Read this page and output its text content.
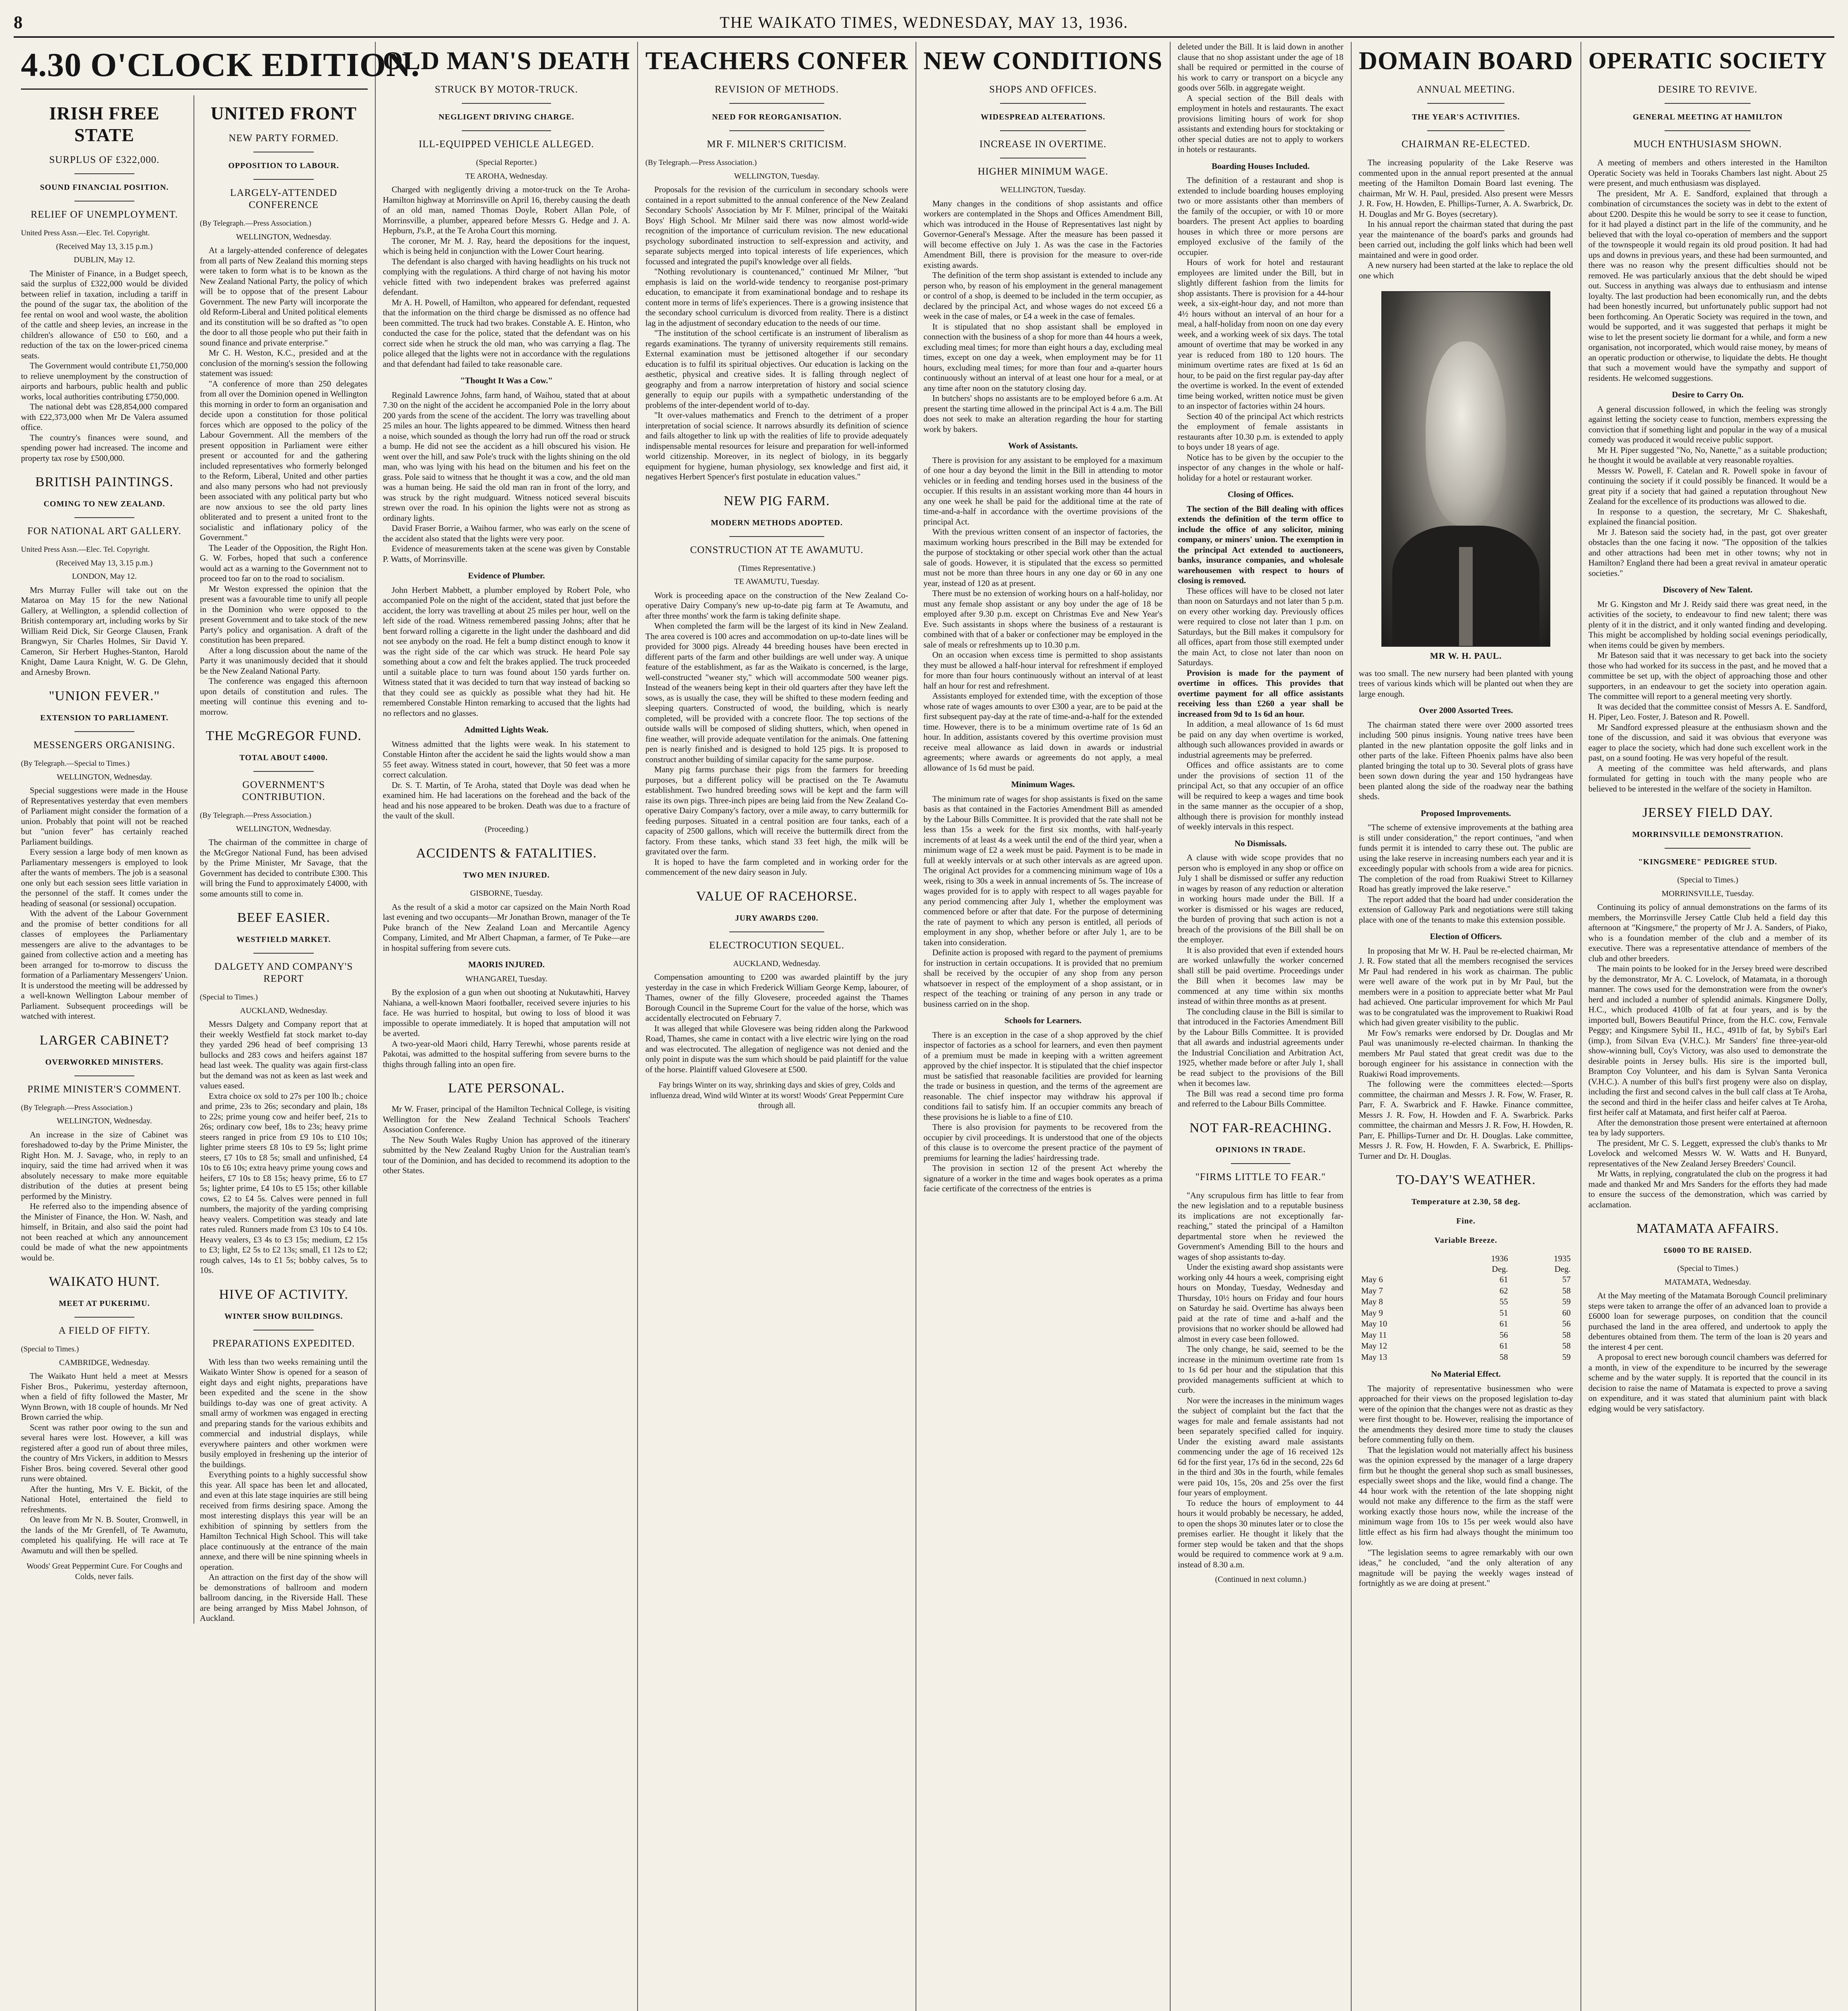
8	THE WAIKATO TIMES, WEDNESDAY, MAY 13, 1936.
4.30 O'CLOCK EDITION.
IRISH FREE STATE
SURPLUS OF £322,000.
SOUND FINANCIAL POSITION.
RELIEF OF UNEMPLOYMENT.
United Press Assn.—Elec. Tel. Copyright.
(Received May 13, 3.15 p.m.)
DUBLIN, May 12.

The Minister of Finance, in a Budget speech, said the surplus of £322,000 would be divided between relief in taxation, including a tariff in the pound of the sugar tax, the abolition of the fee rental on wool and wool waste, the abolition of the cattle and sheep levies, an increase in the children's allowance of £50 to £60, and a reduction of the tax on the lower-priced cinema seats.

The Government would contribute £1,750,000 to relieve unemployment by the construction of airports and harbours, public health and public works, local authorities contributing £750,000.

The national debt was £28,854,000 compared with £22,373,000 when Mr De Valera assumed office.

The country's finances were sound, and spending power had increased. The income and property tax rose by £500,000.

BRITISH PAINTINGS.
COMING TO NEW ZEALAND.
FOR NATIONAL ART GALLERY.
United Press Assn.—Elec. Tel. Copyright.
(Received May 13, 3.15 p.m.)
LONDON, May 12.

Mrs Murray Fuller will take out on the Mataroa on May 15 for the new National Gallery, at Wellington, a splendid collection of British contemporary art, including works by Sir William Reid Dick, Sir George Clausen, Frank Brangwyn, Sir Charles Holmes, Sir David Y. Cameron, Sir Herbert Hughes-Stanton, Harold Knight, Dame Laura Knight, W. G. De Glehn, and Arnesby Brown.

"UNION FEVER."
EXTENSION TO PARLIAMENT.
MESSENGERS ORGANISING.
(By Telegraph.—Special to Times.)
WELLINGTON, Wednesday.

Special suggestions were made in the House of Representatives yesterday that even members of Parliament might consider the formation of a union. Probably that point will not be reached but "union fever" has certainly reached Parliament buildings.

Every session a large body of men known as Parliamentary messengers is employed to look after the wants of members. The job is a seasonal one only but each session sees little variation in the personnel of the staff. It comes under the heading of seasonal (or sessional) occupation.

With the advent of the Labour Government and the promise of better conditions for all classes of employees the Parliamentary messengers are alive to the advantages to be gained from collective action and a meeting has been arranged for to-morrow to discuss the formation of a Parliamentary Messengers' Union. It is understood the meeting will be addressed by a well-known Wellington Labour member of Parliament. Subsequent proceedings will be watched with interest.

LARGER CABINET?
OVERWORKED MINISTERS.
PRIME MINISTER'S COMMENT.
(By Telegraph.—Press Association.)
WELLINGTON, Wednesday.

An increase in the size of Cabinet was foreshadowed to-day by the Prime Minister, the Right Hon. M. J. Savage, who, in reply to an inquiry, said the time had arrived when it was absolutely necessary to make more equitable distribution of the duties at present being performed by the Ministry.

He referred also to the impending absence of the Minister of Finance, the Hon. W. Nash, and himself, in Britain, and also said the point had not been reached at which any announcement could be made of what the new appointments would be.

WAIKATO HUNT.
MEET AT PUKERIMU.
A FIELD OF FIFTY.
(Special to Times.)
CAMBRIDGE, Wednesday.

The Waikato Hunt held a meet at Messrs Fisher Bros., Pukerimu, yesterday afternoon, when a field of fifty followed the Master, Mr Wynn Brown, with 18 couple of hounds. Mr Ned Brown carried the whip.

Scent was rather poor owing to the sun and several hares were lost. However, a kill was registered after a good run of about three miles, the country of Mrs Vickers, in addition to Messrs Fisher Bros. being covered. Several other good runs were obtained.

After the hunting, Mrs V. E. Bickit, of the National Hotel, entertained the field to refreshments.

On leave from Mr N. B. Souter, Cromwell, in the lands of the Mr Grenfell, of Te Awamutu, completed his qualifying. He will race at Te Awamutu and will then be spelled.

Woods' Great Peppermint Cure. For Coughs and Colds, never fails.
UNITED FRONT
NEW PARTY FORMED.
OPPOSITION TO LABOUR.
LARGELY-ATTENDED CONFERENCE
(By Telegraph.—Press Association.)
WELLINGTON, Wednesday.

At a largely-attended conference of delegates from all parts of New Zealand this morning steps were taken to form what is to be known as the New Zealand National Party, the policy of which will be to oppose that of the present Labour Government. The new Party will incorporate the old Reform-Liberal and United political elements and its constitution will be so drafted as "to open the door to all those people who put their faith in sound finance and private enterprise."

Mr C. H. Weston, K.C., presided and at the conclusion of the morning's session the following statement was issued:

"A conference of more than 250 delegates from all over the Dominion opened in Wellington this morning in order to form an organisation and decide upon a constitution for those political forces which are opposed to the policy of the Labour Government. All the members of the present opposition in Parliament were either present or accounted for and the gathering included representatives who formerly belonged to the Reform, Liberal, United and other parties and also many persons who had not previously been associated with any political party but who are now anxious to see the old party lines obliterated and to present a united front to the socialistic and inflationary policy of the Government."

The Leader of the Opposition, the Right Hon. G. W. Forbes, hoped that such a conference would act as a warning to the Government not to proceed too far on to the road to socialism.

Mr Weston expressed the opinion that the present was a favourable time to unify all people in the Dominion who were opposed to the present Government and to take stock of the new Party's policy and organisation. A draft of the constitution has been prepared.

After a long discussion about the name of the Party it was unanimously decided that it should be the New Zealand National Party.

The conference was engaged this afternoon upon details of constitution and rules. The meeting will continue this evening and to-morrow.

THE McGREGOR FUND.
TOTAL ABOUT £4000.
GOVERNMENT'S CONTRIBUTION.
(By Telegraph.—Press Association.)
WELLINGTON, Wednesday.

The chairman of the committee in charge of the McGregor National Fund, has been advised by the Prime Minister, Mr Savage, that the Government has decided to contribute £300. This will bring the Fund to approximately £4000, with some amounts still to come in.

BEEF EASIER.
WESTFIELD MARKET.
DALGETY AND COMPANY'S REPORT
(Special to Times.)
AUCKLAND, Wednesday.

Messrs Dalgety and Company report that at their weekly Westfield fat stock market to-day they yarded 296 head of beef comprising 13 bullocks and 283 cows and heifers against 187 head last week. The quality was again first-class but the demand was not as keen as last week and values eased.

Extra choice ox sold to 27s per 100 lb.; choice and prime, 23s to 26s; secondary and plain, 18s to 22s; prime young cow and heifer beef, 21s to 26s; ordinary cow beef, 18s to 23s; heavy prime steers ranged in price from £9 10s to £10 10s; lighter prime steers £8 10s to £9 5s; light prime steers, £7 10s to £8 5s; small and unfinished, £4 10s to £6 10s; extra heavy prime young cows and heifers, £7 10s to £8 15s; heavy prime, £6 to £7 5s; lighter prime, £4 10s to £5 15s; other killable cows, £2 to £4 5s. Calves were penned in full numbers, the majority of the yarding comprising heavy vealers. Competition was steady and late rates ruled. Runners made from £3 10s to £4 10s. Heavy vealers, £3 4s to £3 15s; medium, £2 15s to £3; light, £2 5s to £2 13s; small, £1 12s to £2; rough calves, 14s to £1 5s; bobby calves, 5s to 10s.

HIVE OF ACTIVITY.
WINTER SHOW BUILDINGS.
PREPARATIONS EXPEDITED.

With less than two weeks remaining until the Waikato Winter Show is opened for a season of eight days and eight nights, preparations have been expedited and the scene in the show buildings to-day was one of great activity. A small army of workmen was engaged in erecting and preparing stands for the various exhibits and commercial and industrial displays, while everywhere painters and other workmen were busily employed in freshening up the interior of the buildings.

Everything points to a highly successful show this year. All space has been let and allocated, and even at this late stage inquiries are still being received from firms desiring space. Among the most interesting displays this year will be an exhibition of spinning by settlers from the Hamilton Technical High School. This will take place continuously at the entrance of the main annexe, and there will be nine spinning wheels in operation.

An attraction on the first day of the show will be demonstrations of ballroom and modern ballroom dancing, in the Riverside Hall. These are being arranged by Miss Mabel Johnson, of Auckland.

OLD MAN'S DEATH
STRUCK BY MOTOR-TRUCK.
NEGLIGENT DRIVING CHARGE.
ILL-EQUIPPED VEHICLE ALLEGED.
(Special Reporter.)
TE AROHA, Wednesday.

Charged with negligently driving a motor-truck on the Te Aroha-Hamilton highway at Morrinsville on April 16, thereby causing the death of an old man, named Thomas Doyle, Robert Allan Pole, of Morrinsville, a plumber, appeared before Messrs G. Hedge and J. A. Hepburn, J's.P., at the Te Aroha Court this morning.

The coroner, Mr M. J. Ray, heard the depositions for the inquest, which is being held in conjunction with the Lower Court hearing.

The defendant is also charged with having headlights on his truck not complying with the regulations. A third charge of not having his motor vehicle fitted with two independent brakes was preferred against defendant.

Mr A. H. Powell, of Hamilton, who appeared for defendant, requested that the information on the third charge be dismissed as no offence had been committed. The truck had two brakes. Constable A. E. Hinton, who conducted the case for the police, stated that the defendant was on his correct side when he struck the old man, who was carrying a flag. The police alleged that the lights were not in accordance with the regulations and that defendant had failed to take reasonable care.

"Thought It Was a Cow."

Reginald Lawrence Johns, farm hand, of Waihou, stated that at about 7.30 on the night of the accident he accompanied Pole in the lorry about 200 yards from the scene of the accident. The lorry was travelling about 25 miles an hour. The lights appeared to be dimmed. Witness then heard a noise, which sounded as though the lorry had run off the road or struck a bump. He did not see the accident as a hill obscured his vision. He went over the hill, and saw Pole's truck with the lights shining on the old man, who was lying with his head on the bitumen and his feet on the grass. Pole said to witness that he thought it was a cow, and the old man was a human being. He said the old man ran in front of the lorry, and was struck by the right mudguard. Witness noticed several biscuits strewn over the road. In his opinion the lights were not as strong as ordinary lights.

David Fraser Borrie, a Waihou farmer, who was early on the scene of the accident also stated that the lights were very poor.

Evidence of measurements taken at the scene was given by Constable P. Watts, of Morrinsville.

Evidence of Plumber.

John Herbert Mabbett, a plumber employed by Robert Pole, who accompanied Pole on the night of the accident, stated that just before the accident, the lorry was travelling at about 25 miles per hour, well on the left side of the road. Witness remembered passing Johns; after that he bent forward rolling a cigarette in the light under the dashboard and did not see anybody on the road. He felt a bump distinct enough to know it was the right side of the car which was struck. He heard Pole say something about a cow and felt the brakes applied. The truck proceeded until a suitable place to turn was found about 150 yards further on. Witness stated that it was decided to turn that way instead of backing so that they could see as quickly as possible what they had hit. He remembered Constable Hinton remarking to accused that the lights had no reflectors and no glasses.

Admitted Lights Weak.

Witness admitted that the lights were weak. In his statement to Constable Hinton after the accident he said the lights would show a man 55 feet away. Witness stated in court, however, that 50 feet was a more correct calculation.

Dr. S. T. Martin, of Te Aroha, stated that Doyle was dead when he examined him. He had lacerations on the forehead and the back of the head and his nose appeared to be broken. Death was due to a fracture of the vault of the skull.

(Proceeding.)
ACCIDENTS & FATALITIES.
TWO MEN INJURED.
GISBORNE, Tuesday.

As the result of a skid a motor car capsized on the Main North Road last evening and two occupants—Mr Jonathan Brown, manager of the Te Puke branch of the New Zealand Loan and Mercantile Agency Company, Limited, and Mr Albert Chapman, a farmer, of Te Puke—are in hospital suffering from severe cuts.

MAORIS INJURED.
WHANGAREI, Tuesday.

By the explosion of a gun when out shooting at Nukutawhiti, Harvey Nahiana, a well-known Maori footballer, received severe injuries to his face. He was hurried to hospital, but owing to loss of blood it was impossible to operate immediately. It is hoped that amputation will not be averted.

A two-year-old Maori child, Harry Terewhi, whose parents reside at Pakotai, was admitted to the hospital suffering from severe burns to the thighs through falling into an open fire.

LATE PERSONAL.

Mr W. Fraser, principal of the Hamilton Technical College, is visiting Wellington for the New Zealand Technical Schools Teachers' Association Conference.

The New South Wales Rugby Union has approved of the itinerary submitted by the New Zealand Rugby Union for the Australian team's tour of the Dominion, and has decided to recommend its adoption to the other States.

TEACHERS CONFER
REVISION OF METHODS.
NEED FOR REORGANISATION.
MR F. MILNER'S CRITICISM.
(By Telegraph.—Press Association.)
WELLINGTON, Tuesday.

Proposals for the revision of the curriculum in secondary schools were contained in a report submitted to the annual conference of the New Zealand Secondary Schools' Association by Mr F. Milner, principal of the Waitaki Boys' High School. Mr Milner said there was now almost world-wide recognition of the importance of curriculum revision. The new educational psychology subordinated instruction to self-expression and activity, and separate subjects merged into topical interests of life experiences, which focussed and integrated the pupil's knowledge over all fields.

"Nothing revolutionary is countenanced," continued Mr Milner, "but emphasis is laid on the world-wide tendency to reorganise post-primary education, to emancipate it from examinational bondage and to reshape its content more in terms of life's experiences. There is a growing insistence that the secondary school curriculum is divorced from reality. There is a distinct lag in the adjustment of secondary education to the needs of our time.

"The institution of the school certificate is an instrument of liberalism as regards examinations. The tyranny of university requirements still remains. External examination must be jettisoned altogether if our secondary education is to fulfil its spiritual objectives. Our education is lacking on the aesthetic, physical and creative sides. It is falling through neglect of geography and from a narrow interpretation of history and social science generally to equip our pupils with a sympathetic understanding of the problems of the inter-dependent world of to-day.

"It over-values mathematics and French to the detriment of a proper interpretation of social science. It narrows absurdly its definition of science and fails altogether to link up with the realities of life to provide adequately indispensable mental resources for leisure and preparation for well-informed world citizenship. Moreover, in its neglect of biology, in its beggarly equipment for hygiene, human physiology, sex knowledge and first aid, it negatives Herbert Spencer's first postulate in education values."

NEW PIG FARM.
MODERN METHODS ADOPTED.
CONSTRUCTION AT TE AWAMUTU.
(Times Representative.)
TE AWAMUTU, Tuesday.

Work is proceeding apace on the construction of the New Zealand Co-operative Dairy Company's new up-to-date pig farm at Te Awamutu, and after three months' work the farm is taking definite shape.

When completed the farm will be the largest of its kind in New Zealand. The area covered is 100 acres and accommodation on up-to-date lines will be provided for 3000 pigs. Already 44 breeding houses have been erected in different parts of the farm and other buildings are well under way. A unique feature of the establishment, as far as the Waikato is concerned, is the large, well-constructed "weaner sty," which will accommodate 500 weaner pigs. Instead of the weaners being kept in their old quarters after they have left the sows, as is usually the case, they will be shifted to these modern feeding and sleeping quarters. Constructed of wood, the building, which is nearly completed, will be provided with a concrete floor. The top sections of the outside walls will be composed of sliding shutters, which, when opened in fine weather, will provide adequate ventilation for the animals. One fattening pen is nearly finished and is designed to hold 125 pigs. It is proposed to construct another building of similar capacity for the same purpose.

Many pig farms purchase their pigs from the farmers for breeding purposes, but a different policy will be practised on the Te Awamutu establishment. Two hundred breeding sows will be kept and the farm will raise its own pigs. Three-inch pipes are being laid from the New Zealand Co-operative Dairy Company's factory, over a mile away, to carry buttermilk for feeding purposes. Situated in a central position are four tanks, each of a capacity of 2500 gallons, which will receive the buttermilk direct from the factory. From these tanks, which stand 33 feet high, the milk will be gravitated over the farm.

It is hoped to have the farm completed and in working order for the commencement of the new dairy season in July.

VALUE OF RACEHORSE.
JURY AWARDS £200.
ELECTROCUTION SEQUEL.
AUCKLAND, Wednesday.

Compensation amounting to £200 was awarded plaintiff by the jury yesterday in the case in which Frederick William George Kemp, labourer, of Thames, owner of the filly Glovesere, proceeded against the Thames Borough Council in the Supreme Court for the value of the horse, which was accidentally electrocuted on February 7.

It was alleged that while Glovesere was being ridden along the Parkwood Road, Thames, she came in contact with a live electric wire lying on the road and was electrocuted. The allegation of negligence was not denied and the only point in dispute was the sum which should be paid plaintiff for the value of the horse. Plaintiff valued Glovesere at £500.

Fay brings Winter on its way, shrinking days and skies of grey, Colds and influenza dread, Wind wild Winter at its worst! Woods' Great Peppermint Cure through all.
NEW CONDITIONS
SHOPS AND OFFICES.
WIDESPREAD ALTERATIONS.
INCREASE IN OVERTIME.
HIGHER MINIMUM WAGE.
WELLINGTON, Tuesday.

Many changes in the conditions of shop assistants and office workers are contemplated in the Shops and Offices Amendment Bill, which was introduced in the House of Representatives last night by Governor-General's Message. After the measure has been passed it will become effective on July 1. As was the case in the Factories Amendment Bill, there is provision for the measure to over-ride existing awards.

The definition of the term shop assistant is extended to include any person who, by reason of his employment in the general management or control of a shop, is deemed to be included in the term occupier, as declared by the principal Act, and whose wages do not exceed £6 a week in the case of males, or £4 a week in the case of females.

It is stipulated that no shop assistant shall be employed in connection with the business of a shop for more than 44 hours a week, excluding meal times; for more than eight hours a day, excluding meal times, except on one day a week, when employment may be for 11 hours, excluding meal times; for more than four and a-quarter hours continuously without an interval of at least one hour for a meal, or at any time after noon on the statutory closing day.

In butchers' shops no assistants are to be employed before 6 a.m. At present the starting time allowed in the principal Act is 4 a.m. The Bill does not seek to make an alteration regarding the hour for starting work by bakers.

Work of Assistants.

There is provision for any assistant to be employed for a maximum of one hour a day beyond the limit in the Bill in attending to motor vehicles or in feeding and tending horses used in the business of the occupier. If this results in an assistant working more than 44 hours in any one week he shall be paid for the additional time at the rate of time-and-a-half in accordance with the overtime provisions of the principal Act.

With the previous written consent of an inspector of factories, the maximum working hours prescribed in the Bill may be extended for the purpose of stocktaking or other special work other than the actual sale of goods. However, it is stipulated that the excess so permitted must not be more than three hours in any one day or 60 in any one year, instead of 120 as at present.

There must be no extension of working hours on a half-holiday, nor must any female shop assistant or any boy under the age of 18 be employed after 9.30 p.m. except on Christmas Eve and New Year's Eve. Such assistants in shops where the business of a restaurant is combined with that of a baker or confectioner may be employed in the sale of meals or refreshments up to 10.30 p.m.

On an occasion when excess time is permitted to shop assistants they must be allowed a half-hour interval for refreshment if employed for more than four hours continuously without an interval of at least half an hour for rest and refreshment.

Assistants employed for extended time, with the exception of those whose rate of wages amounts to over £300 a year, are to be paid at the first subsequent pay-day at the rate of time-and-a-half for the extended time. However, there is to be a minimum overtime rate of 1s 6d an hour. In addition, assistants covered by this overtime provision must receive meal allowance as laid down in awards or industrial agreements; where awards or agreements do not apply, a meal allowance of 1s 6d must be paid.

Minimum Wages.

The minimum rate of wages for shop assistants is fixed on the same basis as that contained in the Factories Amendment Bill as amended by the Labour Bills Committee. It is provided that the rate shall not be less than 15s a week for the first six months, with half-yearly increments of at least 4s a week until the end of the third year, when a minimum wage of £2 a week must be paid. Payment is to be made in full at weekly intervals or at such other intervals as are agreed upon. The original Act provides for a commencing minimum wage of 10s a week, rising to 30s a week in annual increments of 5s. The increase of wages provided for is to apply with respect to all wages payable for any period commencing after July 1, whether the employment was commenced before or after that date. For the purpose of determining the rate of payment to which any person is entitled, all periods of employment in any shop, whether before or after July 1, are to be taken into consideration.

Definite action is proposed with regard to the payment of premiums for instruction in certain occupations. It is provided that no premium shall be received by the occupier of any shop from any person whatsoever in respect of the employment of a shop assistant, or in respect of the teaching or training of any person in any trade or business carried on in the shop.

Schools for Learners.

There is an exception in the case of a shop approved by the chief inspector of factories as a school for learners, and even then payment of a premium must be made in keeping with a written agreement approved by the chief inspector. It is stipulated that the chief inspector must be satisfied that reasonable facilities are provided for learning the trade or business in question, and the terms of the agreement are reasonable. The chief inspector may withdraw his approval if conditions fail to satisfy him. If an occupier commits any breach of these provisions he is liable to a fine of £10.

There is also provision for payments to be recovered from the occupier by civil proceedings. It is understood that one of the objects of this clause is to overcome the present practice of the payment of premiums for learning the ladies' hairdressing trade.

The provision in section 12 of the present Act whereby the signature of a worker in the time and wages book operates as a prima facie certificate of the correctness of the entries is

deleted under the Bill. It is laid down in another clause that no shop assistant under the age of 18 shall be required or permitted in the course of his work to carry or transport on a bicycle any goods over 56lb. in aggregate weight.

A special section of the Bill deals with employment in hotels and restaurants. The exact provisions limiting hours of work for shop assistants and extending hours for stocktaking or other special duties are not to apply to workers in hotels or restaurants.

Boarding Houses Included.

The definition of a restaurant and shop is extended to include boarding houses employing two or more assistants other than members of the family of the occupier, or with 10 or more boarders. The present Act applies to boarding houses in which three or more persons are employed exclusive of the family of the occupier.

Hours of work for hotel and restaurant employees are limited under the Bill, but in slightly different fashion from the limits for shop assistants. There is provision for a 44-hour week, a six-eight-hour day, and not more than 4½ hours without an interval of an hour for a meal, a half-holiday from noon on one day every week, and a working week of six days. The total amount of overtime that may be worked in any year is reduced from 180 to 120 hours. The minimum overtime rates are fixed at 1s 6d an hour, to be paid on the first regular pay-day after the overtime is worked. In the event of extended time being worked, written notice must be given to an inspector of factories within 24 hours.

Section 40 of the principal Act which restricts the employment of female assistants in restaurants after 10.30 p.m. is extended to apply to boys under 18 years of age.

Notice has to be given by the occupier to the inspector of any changes in the whole or half-holiday for a hotel or restaurant worker.

Closing of Offices.

The section of the Bill dealing with offices extends the definition of the term office to include the office of any solicitor, mining company, or miners' union. The exemption in the principal Act extended to auctioneers, banks, insurance companies, and wholesale warehousemen with respect to hours of closing is removed.

These offices will have to be closed not later than noon on Saturdays and not later than 5 p.m. on every other working day. Previously offices were required to close not later than 1 p.m. on Saturdays, but the Bill makes it compulsory for all offices, apart from those still exempted under the main Act, to close not later than noon on Saturdays.

Provision is made for the payment of overtime in offices. This provides that overtime payment for all office assistants receiving less than £260 a year shall be increased from 9d to 1s 6d an hour.

In addition, a meal allowance of 1s 6d must be paid on any day when overtime is worked, although such allowances provided in awards or industrial agreements may be preferred.

Offices and office assistants are to come under the provisions of section 11 of the principal Act, so that any occupier of an office will be required to keep a wages and time book in the same manner as the occupier of a shop, although there is provision for monthly instead of weekly intervals in this respect.

No Dismissals.

A clause with wide scope provides that no person who is employed in any shop or office on July 1 shall be dismissed or suffer any reduction in wages by reason of any reduction or alteration in working hours made under the Bill. If a worker is dismissed or his wages are reduced, the burden of proving that such action is not a breach of the provisions of the Bill shall be on the employer.

It is also provided that even if extended hours are worked unlawfully the worker concerned shall still be paid overtime. Proceedings under the Bill when it becomes law may be commenced at any time within six months instead of within three months as at present.

The concluding clause in the Bill is similar to that introduced in the Factories Amendment Bill by the Labour Bills Committee. It is provided that all awards and industrial agreements under the Industrial Conciliation and Arbitration Act, 1925, whether made before or after July 1, shall be read subject to the provisions of the Bill when it becomes law.

The Bill was read a second time pro forma and referred to the Labour Bills Committee.

NOT FAR-REACHING.
OPINIONS IN TRADE.
"FIRMS LITTLE TO FEAR."

"Any scrupulous firm has little to fear from the new legislation and to a reputable business its implications are not exceptionally far-reaching," stated the principal of a Hamilton departmental store when he reviewed the Government's Amending Bill to the hours and wages of shop assistants to-day.

Under the existing award shop assistants were working only 44 hours a week, comprising eight hours on Monday, Tuesday, Wednesday and Thursday, 10½ hours on Friday and four hours on Saturday he said. Overtime has always been paid at the rate of time and a-half and the provisions that no worker should be allowed had almost in every case been followed.

The only change, he said, seemed to be the increase in the minimum overtime rate from 1s to 1s 6d per hour and the stipulation that this provided managements sufficient at which to curb.

Nor were the increases in the minimum wages the subject of complaint but the fact that the wages for male and female assistants had not been separately specified called for inquiry. Under the existing award male assistants commencing under the age of 16 received 12s 6d for the first year, 17s 6d in the second, 22s 6d in the third and 30s in the fourth, while females were paid 10s, 15s, 20s and 25s over the first four years of employment.

To reduce the hours of employment to 44 hours it would probably be necessary, he added, to open the shops 30 minutes later or to close the premises earlier. He thought it likely that the former step would be taken and that the shops would be required to commence work at 9 a.m. instead of 8.30 a.m.

(Continued in next column.)
DOMAIN BOARD
ANNUAL MEETING.
THE YEAR'S ACTIVITIES.
CHAIRMAN RE-ELECTED.

The increasing popularity of the Lake Reserve was commented upon in the annual report presented at the annual meeting of the Hamilton Domain Board last evening. The chairman, Mr W. H. Paul, presided. Also present were Messrs J. R. Fow, H. Howden, E. Phillips-Turner, A. A. Swarbrick, Dr. H. Douglas and Mr G. Boyes (secretary).

In his annual report the chairman stated that during the past year the maintenance of the board's parks and grounds had been carried out, including the golf links which had been well maintained and were in good order.

A new nursery had been started at the lake to replace the old one which

MR W. H. PAUL.

was too small. The new nursery had been planted with young trees of various kinds which will be planted out when they are large enough.

Over 2000 Assorted Trees.

The chairman stated there were over 2000 assorted trees including 500 pinus insignis. Young native trees have been planted in the new plantation opposite the golf links and in other parts of the lake. Fifteen Phoenix palms have also been planted bringing the total up to 30. Several plots of grass have been sown down during the year and 150 hydrangeas have been planted along the side of the roadway near the bathing sheds.

Proposed Improvements.

"The scheme of extensive improvements at the bathing area is still under consideration," the report continues, "and when funds permit it is intended to carry these out. The public are using the lake reserve in increasing numbers each year and it is exceedingly popular with schools from a wide area for picnics. The completion of the road from Ruakiwi Street to Killarney Road has greatly improved the lake reserve."

The report added that the board had under consideration the extension of Galloway Park and negotiations were still taking place with one of the tenants to make this extension possible.

Election of Officers.

In proposing that Mr W. H. Paul be re-elected chairman, Mr J. R. Fow stated that all the members recognised the services Mr Paul had rendered in his work as chairman. The public were well aware of the work put in by Mr Paul, but the members were in a position to appreciate better what Mr Paul had achieved. One particular improvement for which Mr Paul was to be congratulated was the improvement to Ruakiwi Road which had given greater visibility to the public.

Mr Fow's remarks were endorsed by Dr. Douglas and Mr Paul was unanimously re-elected chairman. In thanking the members Mr Paul stated that great credit was due to the borough engineer for his assistance in connection with the Ruakiwi Road improvements.

The following were the committees elected:—Sports committee, the chairman and Messrs J. R. Fow, W. Fraser, R. Parr, F. A. Swarbrick and F. Hawke. Finance committee, Messrs J. R. Fow, H. Howden and F. A. Swarbrick. Parks committee, the chairman and Messrs J. R. Fow, H. Howden, R. Parr, E. Phillips-Turner and Dr. H. Douglas. Lake committee, Messrs J. R. Fow, H. Howden, F. A. Swarbrick, E. Phillips-Turner and Dr. H. Douglas.

TO-DAY'S WEATHER.
Temperature at 2.30, 58 deg.
Fine.
Variable Breeze.
	1936	1935
	Deg.	Deg.
May 6	61	57
May 7	62	58
May 8	55	59
May 9	51	60
May 10	61	56
May 11	56	58
May 12	61	58
May 13	58	59
No Material Effect.

The majority of representative businessmen who were approached for their views on the proposed legislation to-day were of the opinion that the changes were not as drastic as they were first thought to be. However, realising the importance of the amendments they desired more time to study the clauses before commenting fully on them.

That the legislation would not materially affect his business was the opinion expressed by the manager of a large drapery firm but he thought the general shop such as small businesses, especially sweet shops and the like, would find a change. The 44 hour work with the retention of the late shopping night would not make any difference to the firm as the staff were working exactly those hours now, while the increase of the minimum wage from 10s to 15s per week would also have little effect as his firm had always thought the minimum too low.

"The legislation seems to agree remarkably with our own ideas," he concluded, "and the only alteration of any magnitude will be paying the weekly wages instead of fortnightly as we are doing at present."

OPERATIC SOCIETY
DESIRE TO REVIVE.
GENERAL MEETING AT HAMILTON
MUCH ENTHUSIASM SHOWN.

A meeting of members and others interested in the Hamilton Operatic Society was held in Tooraks Chambers last night. About 25 were present, and much enthusiasm was displayed.

The president, Mr A. E. Sandford, explained that through a combination of circumstances the society was in debt to the extent of about £200. Despite this he would be sorry to see it cease to function, for it had played a distinct part in the life of the community, and he believed that with the loyal co-operation of members and the support of the townspeople it would regain its old proud position. It had had ups and downs in previous years, and these had been surmounted, and there was no reason why the present difficulties should not be removed. He was particularly anxious that the debt should be wiped out. Success in anything was always due to enthusiasm and intense loyalty. The last production had been economically run, and the debts had been honestly incurred, but unfortunately public support had not been forthcoming. An Operatic Society was required in the town, and would be supported, and it was suggested that perhaps it might be wise to let the present society lie dormant for a while, and form a new organisation, not incorporated, which would raise money, by means of an operatic production or otherwise, to liquidate the debts. He thought that such a movement would have the sympathy and support of residents. He welcomed suggestions.

Desire to Carry On.

A general discussion followed, in which the feeling was strongly against letting the society cease to function, members expressing the conviction that if something light and popular in the way of a musical comedy was produced it would receive public support.

Mr H. Piper suggested "No, No, Nanette," as a suitable production; he thought it would be available at very reasonable royalties.

Messrs W. Powell, F. Catelan and R. Powell spoke in favour of continuing the society if it could possibly be financed. It would be a great pity if a society that had gained a reputation throughout New Zealand for the excellence of its productions was allowed to die.

In response to a question, the secretary, Mr C. Shakeshaft, explained the financial position.

Mr J. Bateson said the society had, in the past, got over greater obstacles than the one facing it now. "The opposition of the talkies and other attractions had been met in other towns; why not in Hamilton? England there had been a great revival in amateur operatic societies."

Discovery of New Talent.

Mr G. Kingston and Mr J. Reidy said there was great need, in the activities of the society, to endeavour to find new talent; there was plenty of it in the district, and it only wanted finding and developing. This might be accomplished by holding social evenings periodically, when items could be given by members.

Mr Bateson said that it was necessary to get back into the society those who had worked for its success in the past, and he moved that a committee be set up, with the object of approaching those and other supporters, in an endeavour to get the society into operation again. The committee will report to a general meeting very shortly.

It was decided that the committee consist of Messrs A. E. Sandford, H. Piper, Leo. Foster, J. Bateson and R. Powell.

Mr Sandford expressed pleasure at the enthusiasm shown and the tone of the discussion, and said it was obvious that everyone was eager to place the society, which had done such excellent work in the past, on a sound footing. He was very hopeful of the result.

A meeting of the committee was held afterwards, and plans formulated for getting in touch with the many people who are believed to be interested in the welfare of the society in Hamilton.

JERSEY FIELD DAY.
MORRINSVILLE DEMONSTRATION.
"KINGSMERE" PEDIGREE STUD.
(Special to Times.)
MORRINSVILLE, Tuesday.

Continuing its policy of annual demonstrations on the farms of its members, the Morrinsville Jersey Cattle Club held a field day this afternoon at "Kingsmere," the property of Mr J. A. Sanders, of Piako, who is a foundation member of the club and a member of its executive. There was a representative attendance of members of the club and other breeders.

The main points to be looked for in the Jersey breed were described by the demonstrator, Mr A. C. Lovelock, of Matamata, in a thorough manner. The cows used for the demonstration were from the owner's herd and included a number of splendid animals. Kingsmere Dolly, H.C., which produced 410lb of fat at four years, and is by the imported bull, Bowers Beautiful Prince, from the H.C. cow, Fernvale Peggy; and Kingsmere Sybil II., H.C., 491lb of fat, by Sybil's Earl (imp.), from Silvan Eva (V.H.C.). Mr Sanders' fine three-year-old show-winning bull, Coy's Victory, was also used to demonstrate the desirable points in Jersey bulls. His sire is the imported bull, Brampton Coy Volunteer, and his dam is Sylvan Santa Veronica (V.H.C.). A number of this bull's first progeny were also on display, including the first and second calves in the bull calf class at Te Aroha, the second and third in the heifer class and heifer calves at Te Aroha, first heifer calf at Matamata, and first heifer calf at Paeroa.

After the demonstration those present were entertained at afternoon tea by lady supporters.

The president, Mr C. S. Leggett, expressed the club's thanks to Mr Lovelock and welcomed Messrs W. W. Watts and H. Bunyard, representatives of the New Zealand Jersey Breeders' Council.

Mr Watts, in replying, congratulated the club on the progress it had made and thanked Mr and Mrs Sanders for the efforts they had made to ensure the success of the demonstration, which was carried by acclamation.

MATAMATA AFFAIRS.
£6000 TO BE RAISED.
(Special to Times.)
MATAMATA, Wednesday.

At the May meeting of the Matamata Borough Council preliminary steps were taken to arrange the offer of an advanced loan to provide a £6000 loan for sewerage purposes, on condition that the council purchased the land in the area offered, and undertook to apply the debentures obtained from them. The term of the loan is 20 years and the interest 4 per cent.

A proposal to erect new borough council chambers was deferred for a month, in view of the expenditure to be incurred by the sewerage scheme and by the water supply. It is reported that the council in its decision to raise the name of Matamata is expected to prove a saving on expenditure, and it was stated that aluminium paint with black edging would be very satisfactory.
